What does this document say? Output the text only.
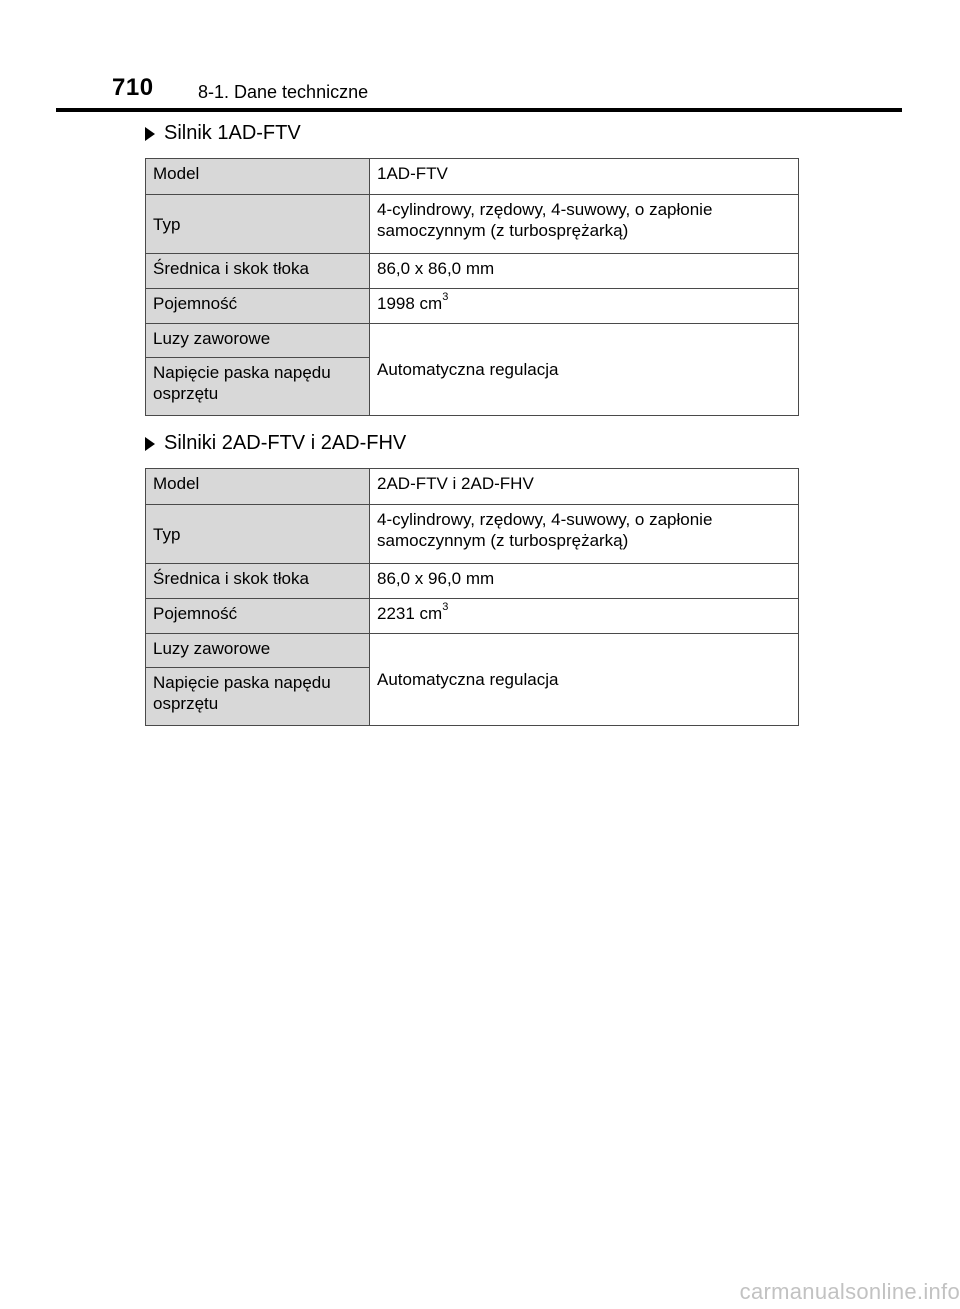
710 8-1. Dane techniczne
Silnik 1AD-FTV
Model	1AD-FTV
Typ	4-cylindrowy, rzędowy, 4-suwowy, o zapłonie
samoczynnym (z turbosprężarką)

Średnica i skok tłoka	86,0 x 86,0 mm
Pojemność	1998 $cm^3$
Luzy zaworowe	Automatyczna regulacja

Napięcie paska napędu
osprzętu	
Silniki 2AD-FTV i 2AD-FHV
Model	2AD-FTV i 2AD-FHV
Typ	4-cylindrowy, rzędowy, 4-suwowy, o zapłonie
samoczynnym (z turbosprężarką)

Średnica i skok tłoka	86,0 x 96,0 mm
Pojemność	2231 $cm^3$
Luzy zaworowe	Automatyczna regulacja

Napięcie paska napędu
osprzętu	
carmanualsonline.info
